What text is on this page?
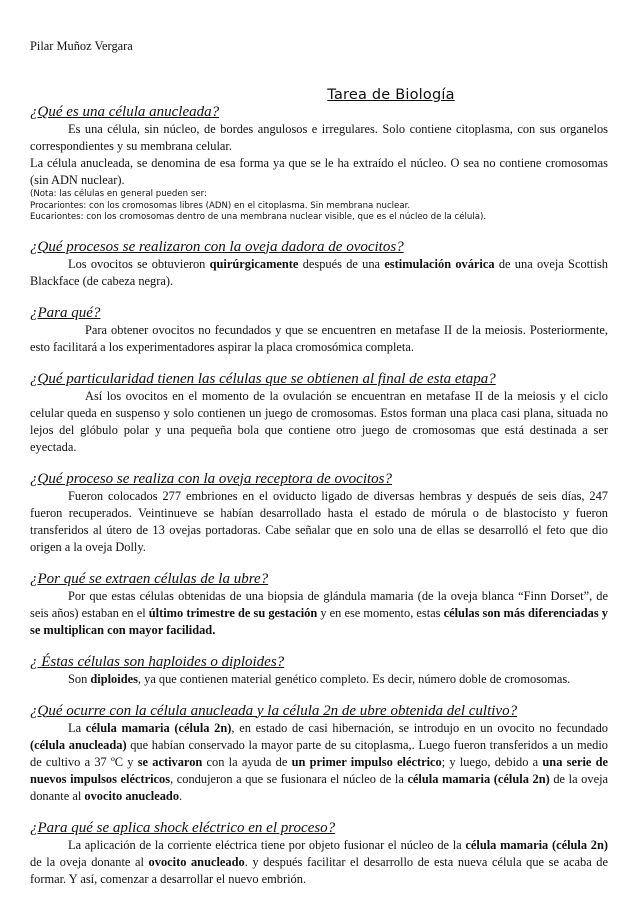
Pilar Muñoz Vergara
Tarea de Biología

¿Qué es una célula anucleada?

Es una célula, sin núcleo, de bordes angulosos e irregulares. Solo contiene citoplasma, con sus organelos correspondientes y su membrana celular.

La célula anucleada, se denomina de esa forma ya que se le ha extraído el núcleo. O sea no contiene cromosomas (sin ADN nuclear).

(Nota: las células en general pueden ser:

Procariontes: con los cromosomas libres (ADN) en el citoplasma. Sin membrana nuclear.

Eucariontes: con los cromosomas dentro de una membrana nuclear visible, que es el núcleo de la célula).

¿Qué procesos se realizaron con la oveja dadora de ovocitos?

Los ovocitos se obtuvieron quirúrgicamente después de una estimulación ovárica de una oveja Scottish Blackface (de cabeza negra).

¿Para qué?

Para obtener ovocitos no fecundados y que se encuentren en metafase II de la meiosis. Posteriormente, esto facilitará a los experimentadores aspirar la placa cromosómica completa.

¿Qué particularidad tienen las células que se obtienen al final de esta etapa?

Así los ovocitos en el momento de la ovulación se encuentran en metafase II de la meiosis y el ciclo celular queda en suspenso y solo contienen un juego de cromosomas. Estos forman una placa casi plana, situada no lejos del glóbulo polar y una pequeña bola que contiene otro juego de cromosomas que está destinada a ser eyectada.

¿Qué proceso se realiza con la oveja receptora de ovocitos?

Fueron colocados 277 embriones en el oviducto ligado de diversas hembras y después de seis días, 247 fueron recuperados. Veintinueve se habían desarrollado hasta el estado de mórula o de blastocisto y fueron transferidos al útero de 13 ovejas portadoras. Cabe señalar que en solo una de ellas se desarrolló el feto que dio origen a la oveja Dolly.

¿Por qué se extraen células de la ubre?

Por que estas células obtenidas de una biopsia de glándula mamaria (de la oveja blanca “Finn Dorset”, de seis años) estaban en el último trimestre de su gestación y en ese momento, estas células son más diferenciadas y se multiplican con mayor facilidad.

¿ Éstas células son haploides o diploides?

Son diploides, ya que contienen material genético completo. Es decir, número doble de cromosomas.

¿Qué ocurre con la célula anucleada y la célula 2n de ubre obtenida del cultivo?

La célula mamaria (célula 2n), en estado de casi hibernación, se introdujo en un ovocito no fecundado (célula anucleada) que habían conservado la mayor parte de su citoplasma,. Luego fueron transferidos a un medio de cultivo a 37 ºC y se activaron con la ayuda de un primer impulso eléctrico; y luego, debido a una serie de nuevos impulsos eléctricos, condujeron a que se fusionara el núcleo de la célula mamaria (célula 2n) de la oveja donante al ovocito anucleado.

¿Para qué se aplica shock eléctrico en el proceso?

La aplicación de la corriente eléctrica tiene por objeto fusionar el núcleo de la célula mamaria (célula 2n) de la oveja donante al ovocito anucleado. y después facilitar el desarrollo de esta nueva célula que se acaba de formar. Y así, comenzar a desarrollar el nuevo embrión.
